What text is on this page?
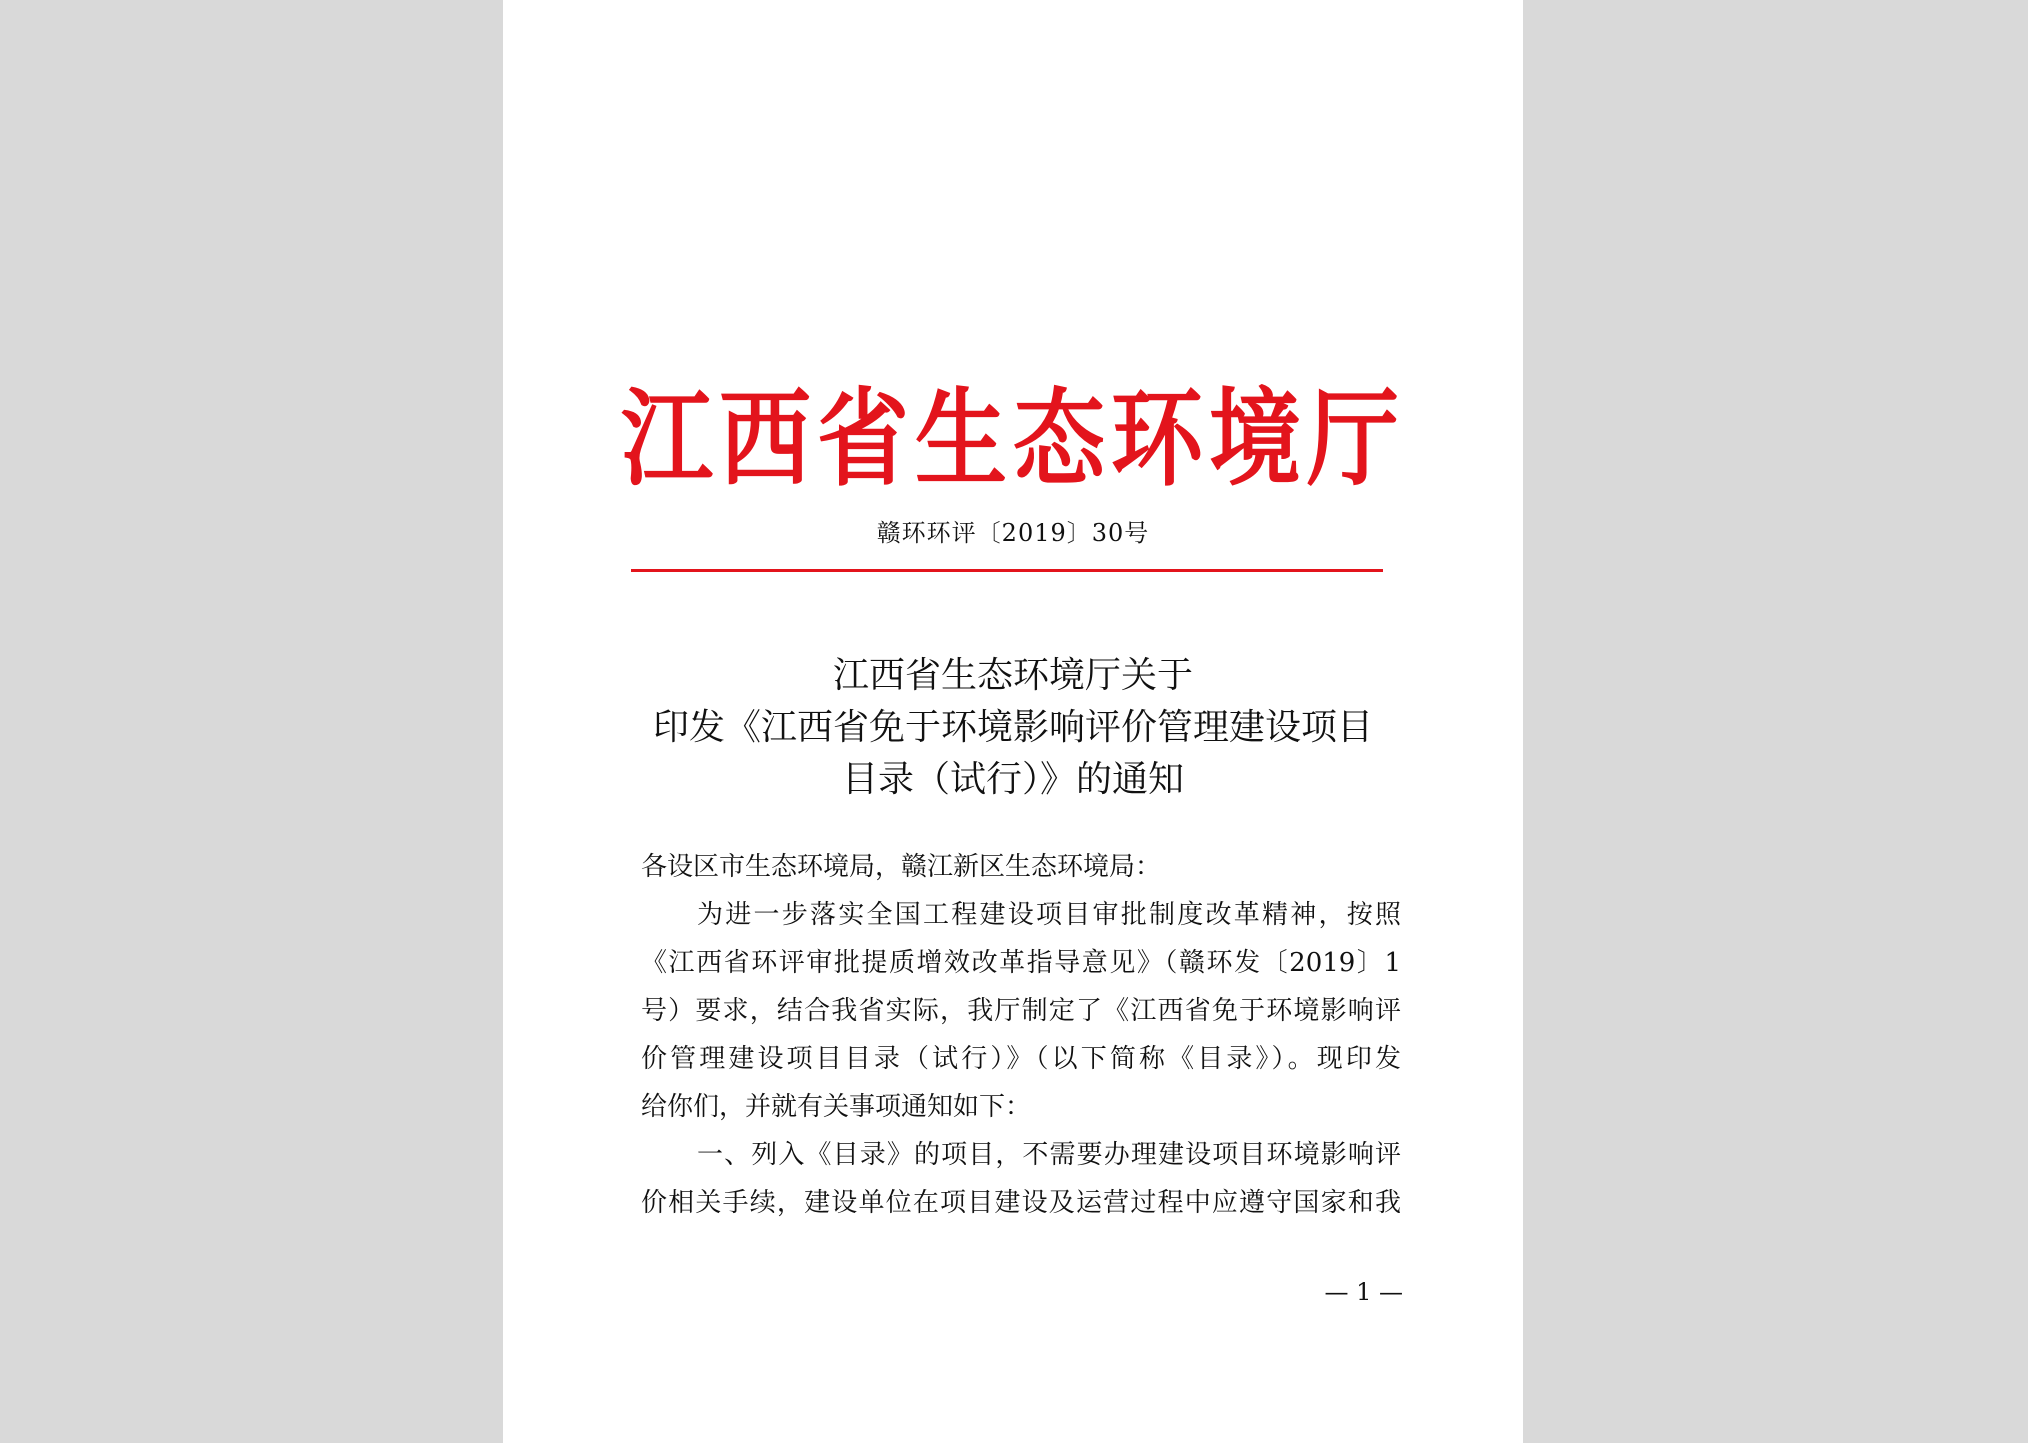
江西省生态环境厅
赣环环评〔2019〕30号
江西省生态环境厅关于
印发《江西省免于环境影响评价管理建设项目
目录（试行）》的通知
各设区市生态环境局，赣江新区生态环境局：
为进一步落实全国工程建设项目审批制度改革精神，按照
《江西省环评审批提质增效改革指导意见》（赣环发〔2019〕1
号）要求，结合我省实际，我厅制定了《江西省免于环境影响评
价管理建设项目目录（试行）》（以下简称《目录》）。现印发
给你们，并就有关事项通知如下：
一、列入《目录》的项目，不需要办理建设项目环境影响评
价相关手续，建设单位在项目建设及运营过程中应遵守国家和我
— 1 —
